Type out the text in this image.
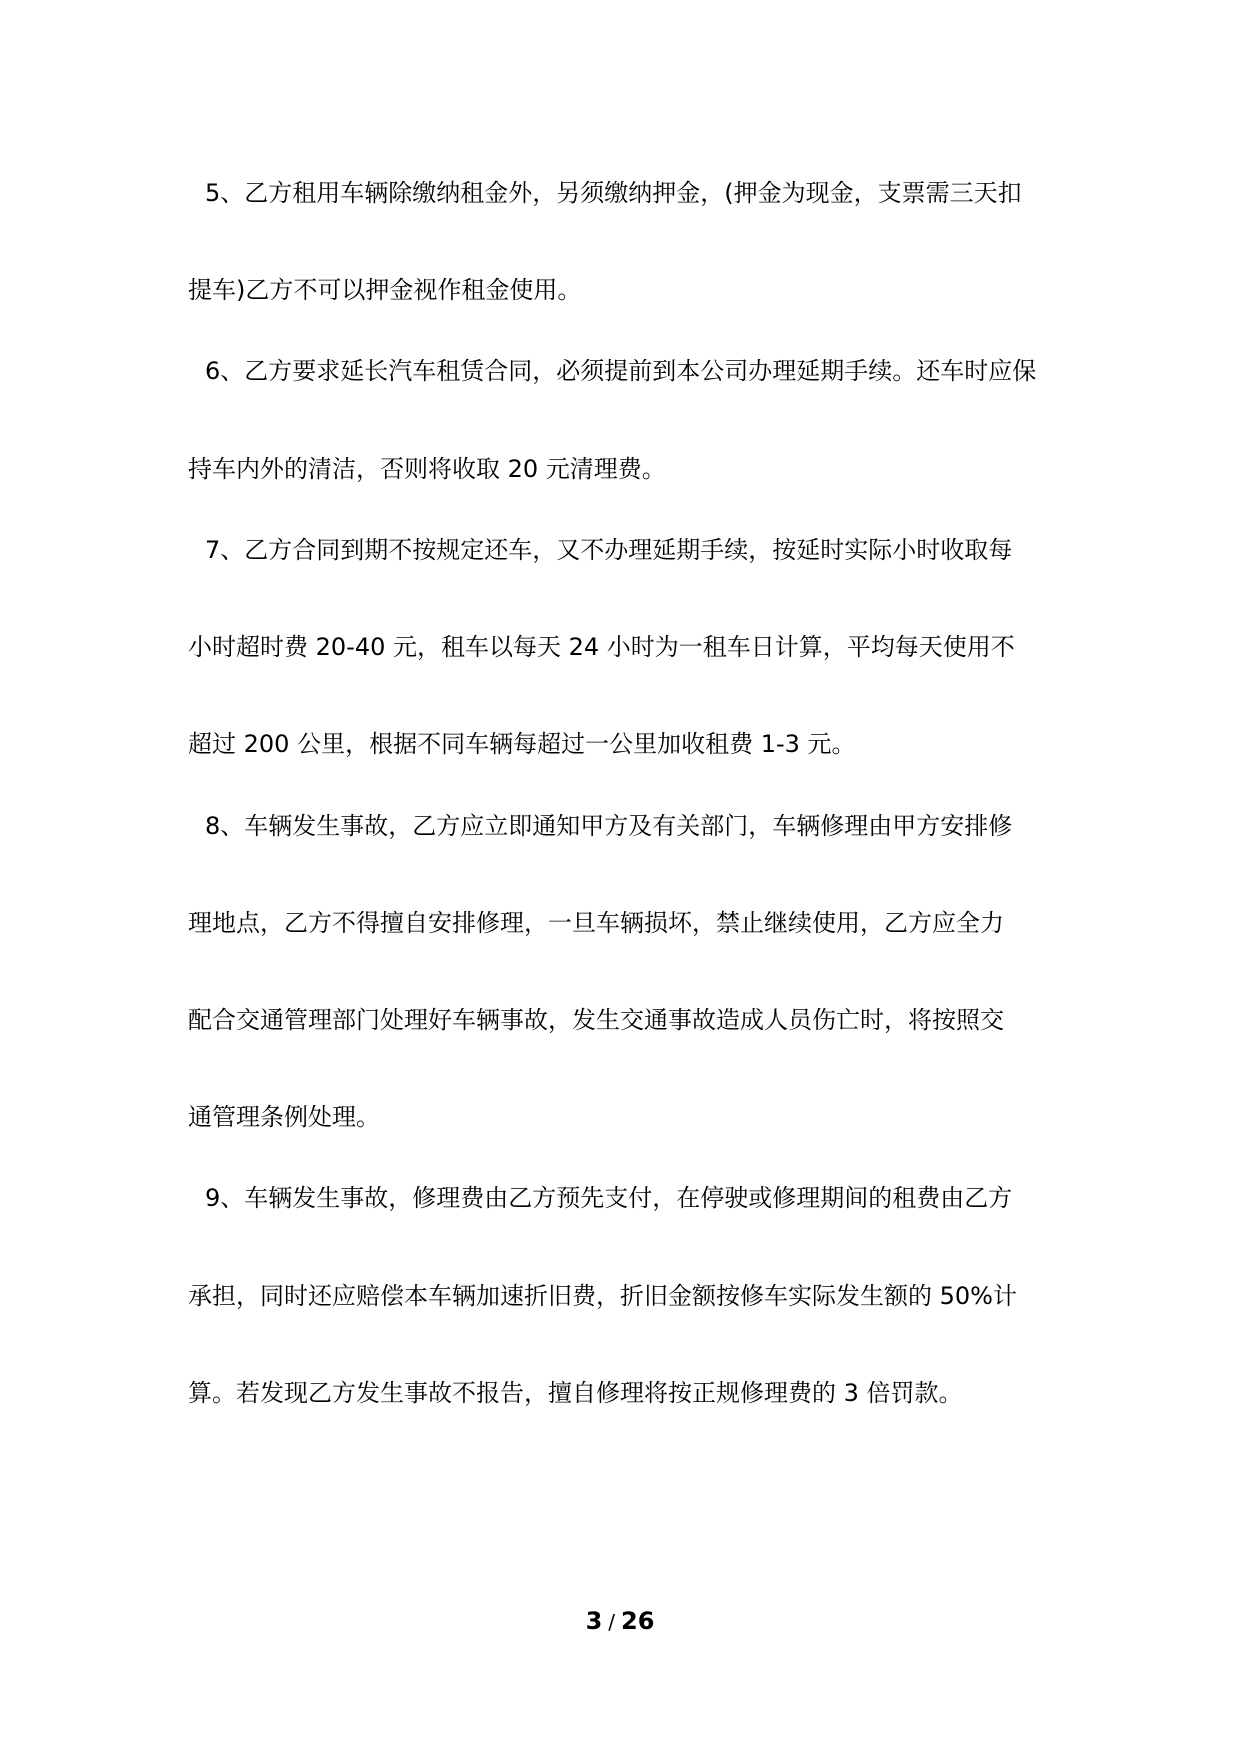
5、乙方租用车辆除缴纳租金外，另须缴纳押金，(押金为现金，支票需三天扣
提车)乙方不可以押金视作租金使用。
6、乙方要求延长汽车租赁合同，必须提前到本公司办理延期手续。还车时应保
持车内外的清洁，否则将收取 20 元清理费。
7、乙方合同到期不按规定还车，又不办理延期手续，按延时实际小时收取每
小时超时费 20-40 元，租车以每天 24 小时为一租车日计算，平均每天使用不
超过 200 公里，根据不同车辆每超过一公里加收租费 1-3 元。
8、车辆发生事故，乙方应立即通知甲方及有关部门，车辆修理由甲方安排修
理地点，乙方不得擅自安排修理，一旦车辆损坏，禁止继续使用，乙方应全力
配合交通管理部门处理好车辆事故，发生交通事故造成人员伤亡时，将按照交
通管理条例处理。
9、车辆发生事故，修理费由乙方预先支付，在停驶或修理期间的租费由乙方
承担，同时还应赔偿本车辆加速折旧费，折旧金额按修车实际发生额的 50%计
算。若发现乙方发生事故不报告，擅自修理将按正规修理费的 3 倍罚款。
3 / 26
